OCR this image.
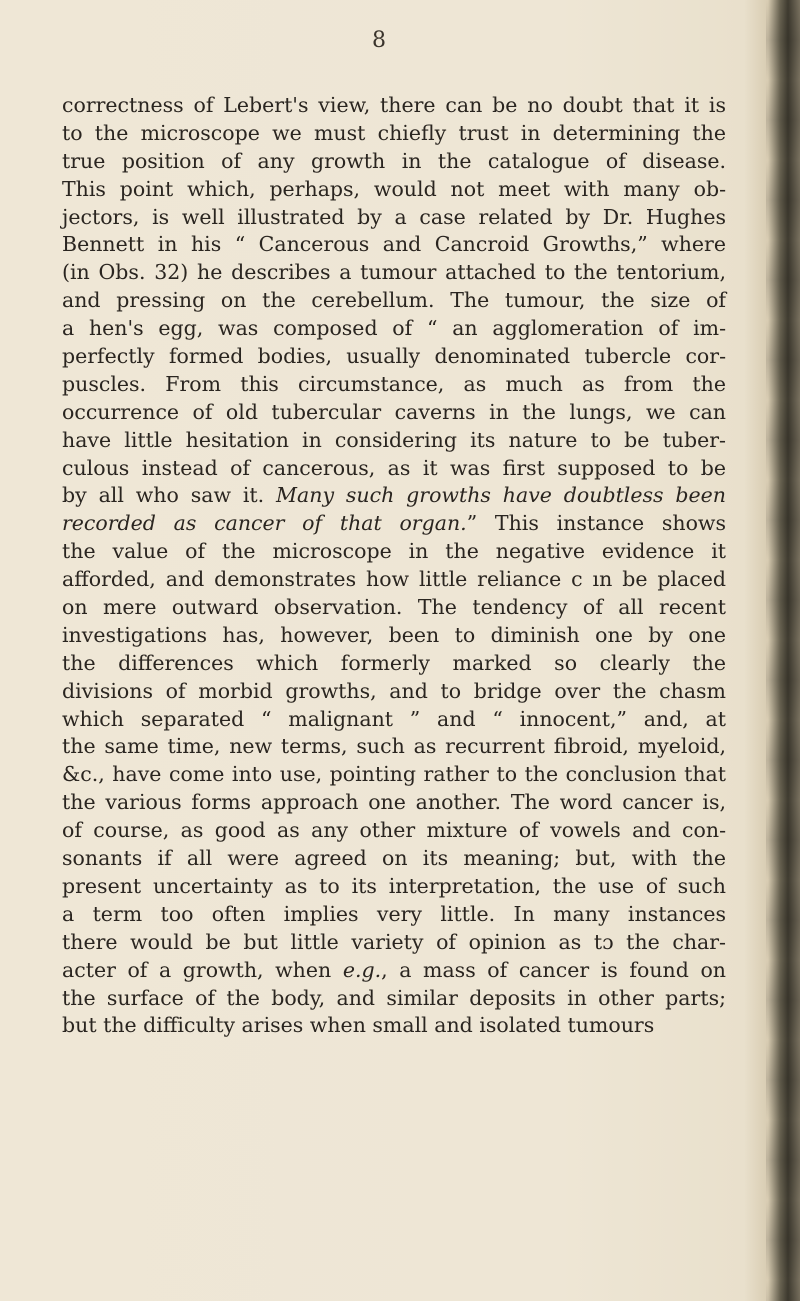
8
correctness of Lebert's view, there can be no doubt that it is
to the microscope we must chiefly trust in determining the
true position of any growth in the catalogue of disease.
This point which, perhaps, would not meet with many ob-
jectors, is well illustrated by a case related by Dr. Hughes
Bennett in his “ Cancerous and Cancroid Growths,” where
(in Obs. 32) he describes a tumour attached to the tentorium,
and pressing on the cerebellum. The tumour, the size of
a hen's egg, was composed of “ an agglomeration of im-
perfectly formed bodies, usually denominated tubercle cor-
puscles. From this circumstance, as much as from the
occurrence of old tubercular caverns in the lungs, we can
have little hesitation in considering its nature to be tuber-
culous instead of cancerous, as it was first supposed to be
by all who saw it. Many such growths have doubtless been
recorded as cancer of that organ.” This instance shows
the value of the microscope in the negative evidence it
afforded, and demonstrates how little reliance c ın be placed
on mere outward observation. The tendency of all recent
investigations has, however, been to diminish one by one
the differences which formerly marked so clearly the
divisions of morbid growths, and to bridge over the chasm
which separated “ malignant ” and “ innocent,” and, at
the same time, new terms, such as recurrent fibroid, myeloid,
&c., have come into use, pointing rather to the conclusion that
the various forms approach one another. The word cancer is,
of course, as good as any other mixture of vowels and con-
sonants if all were agreed on its meaning; but, with the
present uncertainty as to its interpretation, the use of such
a term too often implies very little. In many instances
there would be but little variety of opinion as tɔ the char-
acter of a growth, when e.g., a mass of cancer is found on
the surface of the body, and similar deposits in other parts;
but the difficulty arises when small and isolated tumours
